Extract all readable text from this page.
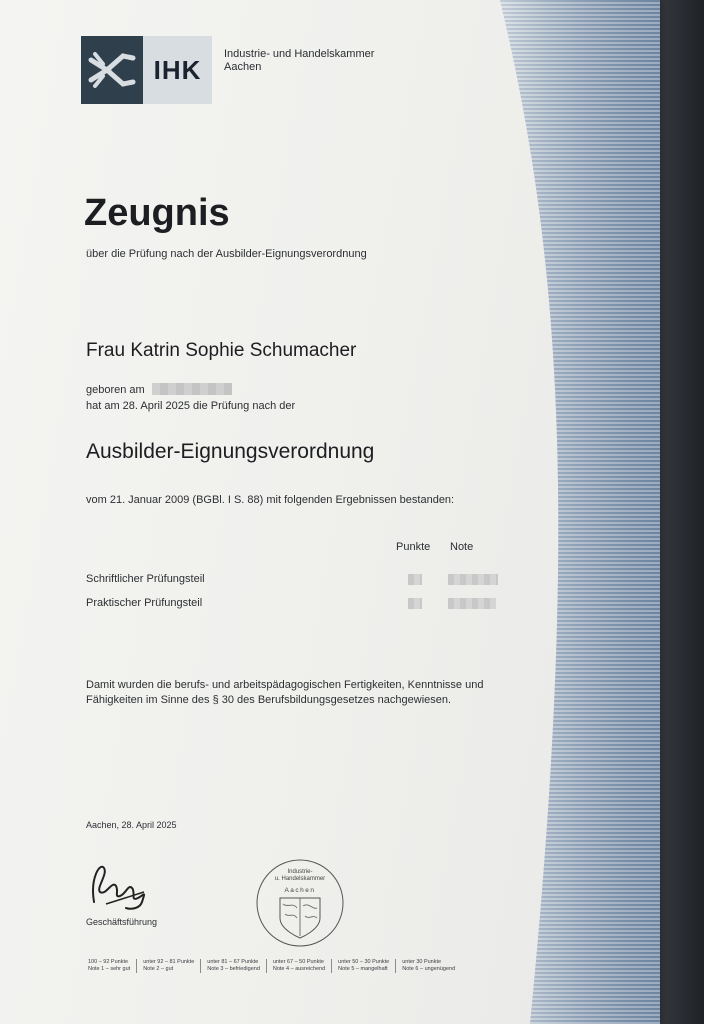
IHK
Industrie- und Handelskammer
Aachen
Zeugnis
über die Prüfung nach der Ausbilder-Eignungsverordnung
Frau Katrin Sophie Schumacher
geboren am
hat am 28. April 2025 die Prüfung nach der
Ausbilder-Eignungsverordnung
vom 21. Januar 2009 (BGBl. I S. 88) mit folgenden Ergebnissen bestanden:
Punkte Note
Schriftlicher Prüfungsteil
Praktischer Prüfungsteil
Damit wurden die berufs- und arbeitspädagogischen Fertigkeiten, Kenntnisse und Fähigkeiten im Sinne des § 30 des Berufsbildungsgesetzes nachgewiesen.
Aachen, 28. April 2025
Geschäftsführung
Industrie-
u. Handelskammer
Aachen
100 – 92 Punkte
Note 1 – sehr gut
unter 92 – 81 Punkte
Note 2 – gut
unter 81 – 67 Punkte
Note 3 – befriedigend
unter 67 – 50 Punkte
Note 4 – ausreichend
unter 50 – 30 Punkte
Note 5 – mangelhaft
unter 30 Punkte
Note 6 – ungenügend
